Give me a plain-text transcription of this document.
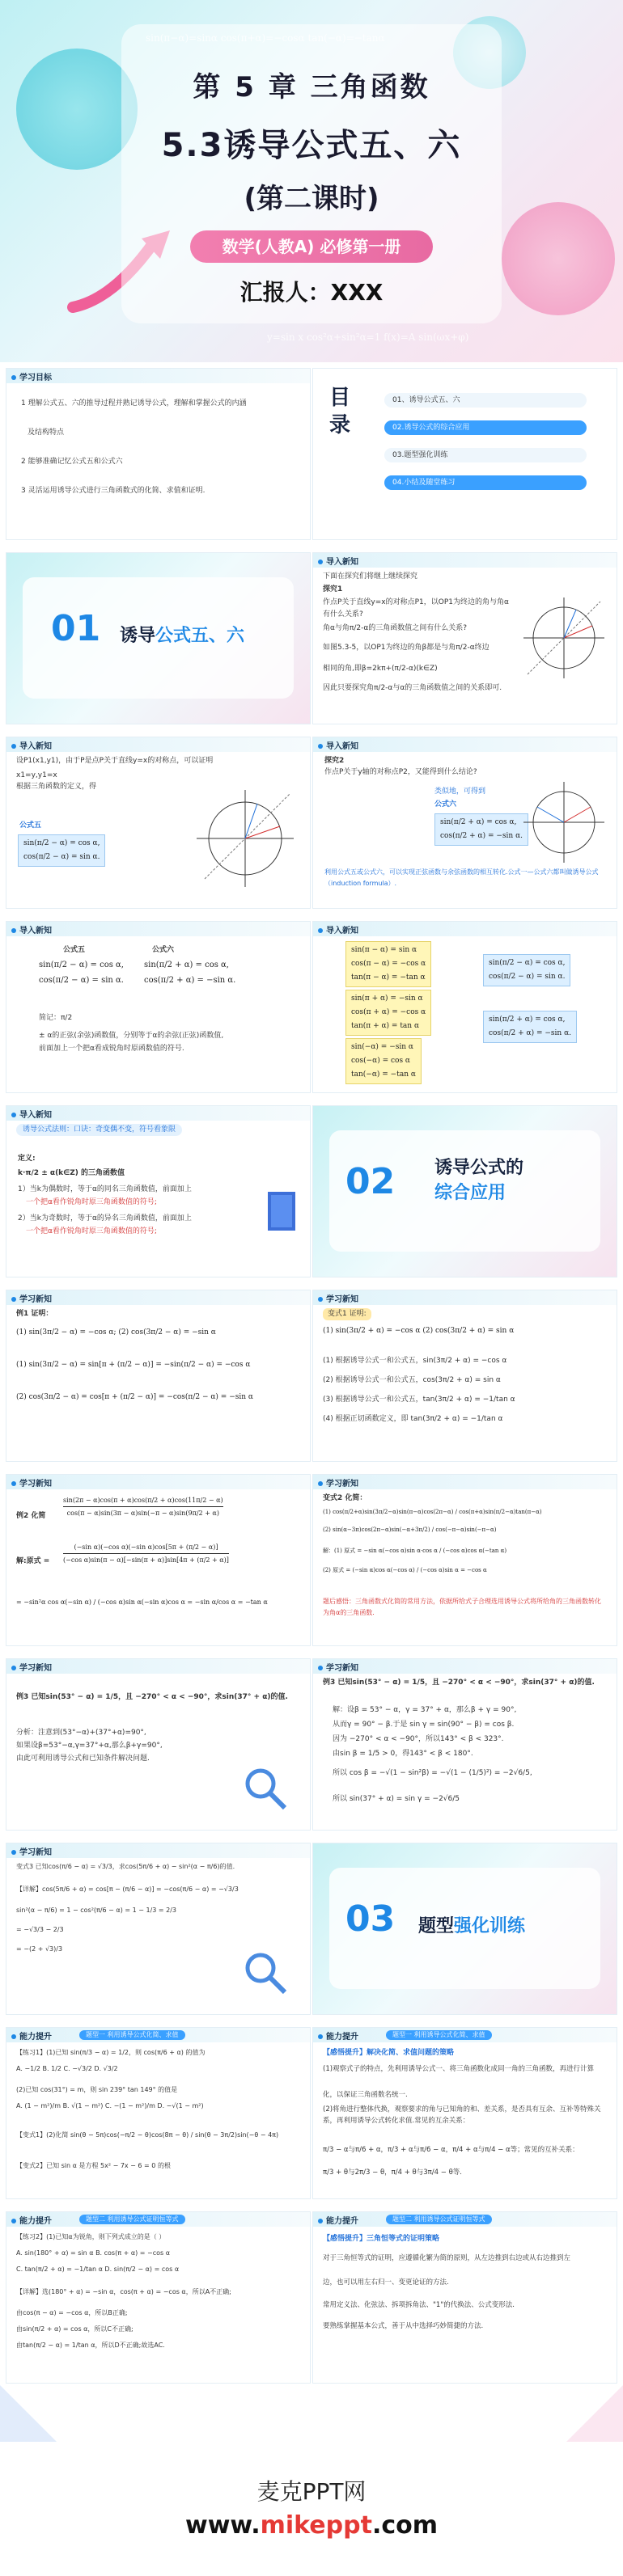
sin(π−α)=sinα cos(π+α)=−cosα tan(−α)=−tanα
y=sin x cos²α+sin²α=1 f(x)=A sin(ωx+φ)
第 5 章 三角函数
5.3诱导公式五、六
(第二课时)
数学(人教A) 必修第一册
汇报人：XXX
学习目标
1 理解公式五、六的推导过程并熟记诱导公式，理解和掌握公式的内涵
及结构特点
2 能够准确记忆公式五和公式六
3 灵活运用诱导公式进行三角函数式的化简、求值和证明.
目
录
01、诱导公式五、六
02.诱导公式的综合应用
03.题型强化训练
04.小结及随堂练习
01 诱导公式五、六
导入新知
下面在探究们将继上继续探究
探究1
作点P关于直线y=x的对称点P1，以OP1为终边的角与角α有什么关系?
角α与角π/2-α的三角函数值之间有什么关系?
如图5.3-5，以OP1为终边的角β都是与角π/2-α终边
相同的角,即β=2kπ+(π/2-α)(k∈Z)
因此只要探究角π/2-α与α的三角函数值之间的关系即可.
导入新知
设P1(x1,y1)，由于P是点P关于直线y=x的对称点，可以证明
x1=y,y1=x
根据三角函数的定义，得
公式五
sin(π/2 − α) = cos α,
cos(π/2 − α) = sin α.
导入新知
探究2
作点P关于y轴的对称点P2，又能得到什么结论?
类似地，可得到
公式六
sin(π/2 + α) = cos α,
cos(π/2 + α) = −sin α.
利用公式五或公式六，可以实现正弦函数与余弦函数的相互转化.公式一—公式六都叫做诱导公式（induction formula）.
导入新知
公式五	公式六
sin(π/2 − α) = cos α,
cos(π/2 − α) = sin α.
sin(π/2 + α) = cos α,
cos(π/2 + α) = −sin α.
简记：π/2
± α的正弦(余弦)函数值，分别等于α的余弦(正弦)函数值,
前面加上一个把α看成锐角时原函数值的符号.
导入新知
sin(π − α) = sin α
cos(π − α) = −cos α
tan(π − α) = −tan α
sin(π + α) = −sin α
cos(π + α) = −cos α
tan(π + α) = tan α
sin(−α) = −sin α
cos(−α) = cos α
tan(−α) = −tan α
sin(π/2 − α) = cos α,
cos(π/2 − α) = sin α.
sin(π/2 + α) = cos α,
cos(π/2 + α) = −sin α.
导入新知
诱导公式法则：口诀：奇变偶不变，符号看象限
定义:
k·π/2 ± α(k∈Z) 的三角函数值
1）当k为偶数时，等于α的同名三角函数值，前面加上
一个把α看作锐角时原三角函数值的符号;
2）当k为奇数时，等于α的异名三角函数值，前面加上
一个把α看作锐角时原三角函数值的符号;
02 诱导公式的
综合应用
学习新知
例1 证明：
(1) sin(3π/2 − α) = −cos α; (2) cos(3π/2 − α) = −sin α
(1) sin(3π/2 − α) = sin[π + (π/2 − α)] = −sin(π/2 − α) = −cos α
(2) cos(3π/2 − α) = cos[π + (π/2 − α)] = −cos(π/2 − α) = −sin α
学习新知
变式1 证明:
(1) sin(3π/2 + α) = −cos α (2) cos(3π/2 + α) = sin α
(1) 根据诱导公式一和公式五，sin(3π/2 + α) = −cos α
(2) 根据诱导公式一和公式五，cos(3π/2 + α) = sin α
(3) 根据诱导公式一和公式五，tan(3π/2 + α) = −1/tan α
(4) 根据正切函数定义，即 tan(3π/2 + α) = −1/tan α
学习新知
例2 化简
sin(2π − α)cos(π + α)cos(π/2 + α)cos(11π/2 − α)
cos(π − α)sin(3π − α)sin(−π − α)sin(9π/2 + α)
解:原式 =
(−sin α)(−cos α)(−sin α)cos[5π + (π/2 − α)]
(−cos α)sin(π − α)[−sin(π + α)]sin[4π + (π/2 + α)]
= −sin²α cos α(−sin α) / (−cos α)sin α(−sin α)cos α = −sin α/cos α = −tan α
学习新知
变式2 化简：
(1) cos(π/2+α)sin(3π/2−α)sin(π−α)cos(2π−α) / cos(π+α)sin(π/2−α)tan(π−α)
(2) sin(α−3π)cos(2π−α)sin(−α+3π/2) / cos(−π−α)sin(−π−α)
解：(1) 原式 = −sin α(−cos α)sin α·cos α / (−cos α)cos α(−tan α)
(2) 原式 = (−sin α)cos α(−cos α) / (−cos α)sin α = −cos α
题后感悟：三角函数式化简的常用方法，依据所给式子合理选用诱导公式将所给角的三角函数转化为角α的三角函数.
学习新知
例3 已知sin(53° − α) = 1/5，且 −270° < α < −90°，求sin(37° + α)的值.
分析：注意到(53°−α)+(37°+α)=90°,
如果设β=53°−α,γ=37°+α,那么β+γ=90°,
由此可利用诱导公式和已知条件解决问题.
学习新知
例3 已知sin(53° − α) = 1/5，且 −270° < α < −90°，求sin(37° + α)的值.
解：设β = 53° − α，γ = 37° + α，那么β + γ = 90°,
从而γ = 90° − β.于是 sin γ = sin(90° − β) = cos β.
因为 −270° < α < −90°，所以143° < β < 323°.
由sin β = 1/5 > 0，得143° < β < 180°.
所以 cos β = −√(1 − sin²β) = −√(1 − (1/5)²) = −2√6/5,
所以 sin(37° + α) = sin γ = −2√6/5
学习新知
变式3 已知cos(π/6 − α) = √3/3，求cos(5π/6 + α) − sin²(α − π/6)的值.
【详解】cos(5π/6 + α) = cos[π − (π/6 − α)] = −cos(π/6 − α) = −√3/3
sin²(α − π/6) = 1 − cos²(π/6 − α) = 1 − 1/3 = 2/3
= −√3/3 − 2/3
= −(2 + √3)/3
03 题型强化训练
能力提升	题型一 利用诱导公式化简、求值
【练习1】(1)已知 sin(π/3 − α) = 1/2，则 cos(π/6 + α) 的值为
A. −1/2 B. 1/2 C. −√3/2 D. √3/2
(2)已知 cos(31°) = m，则 sin 239° tan 149° 的值是
A. (1 − m²)/m B. √(1 − m²) C. −(1 − m²)/m D. −√(1 − m²)
【变式1】(2)化简 sin(θ − 5π)cos(−π/2 − θ)cos(8π − θ) / sin(θ − 3π/2)sin(−θ − 4π)
【变式2】已知 sin α 是方程 5x² − 7x − 6 = 0 的根
能力提升	题型一 利用诱导公式化简、求值
【感悟提升】解决化简、求值问题的策略
(1)观察式子的特点，先利用诱导公式一、将三角函数化成同一角的三角函数，再进行计算
化，以保证三角函数名统一.
(2)将角进行整体代换，观察要求的角与已知角的和、差关系，是否具有互余、互补等特殊关系，再利用诱导公式转化求值.常见的互余关系：
π/3 − α与π/6 + α，π/3 + α与π/6 − α，π/4 + α与π/4 − α等；常见的互补关系：
π/3 + θ与2π/3 − θ，π/4 + θ与3π/4 − θ等.
能力提升	题型二 利用诱导公式证明恒等式
【练习2】(1)已知α为锐角，则下列式成立的是（ ）
A. sin(180° + α) = sin α B. cos(π + α) = −cos α
C. tan(π/2 + α) = −1/tan α D. sin(π/2 − α) = cos α
【详解】选(180° + α) = −sin α，cos(π + α) = −cos α，所以A不正确;
由cos(π − α) = −cos α，所以B正确;
由sin(π/2 + α) = cos α，所以C不正确;
由tan(π/2 − α) = 1/tan α，所以D不正确;故选AC.
能力提升	题型二 利用诱导公式证明恒等式
【感悟提升】三角恒等式的证明策略
对于三角恒等式的证明，应遵循化繁为简的原则，从左边推到右边或从右边推到左
边，也可以用左右归一、变更论证的方法.
常用定义法、化弦法、拆项拆角法、"1"的代换法、公式变形法.
要熟练掌握基本公式，善于从中选择巧妙简捷的方法.
麦克PPT网
www.mikeppt.com
